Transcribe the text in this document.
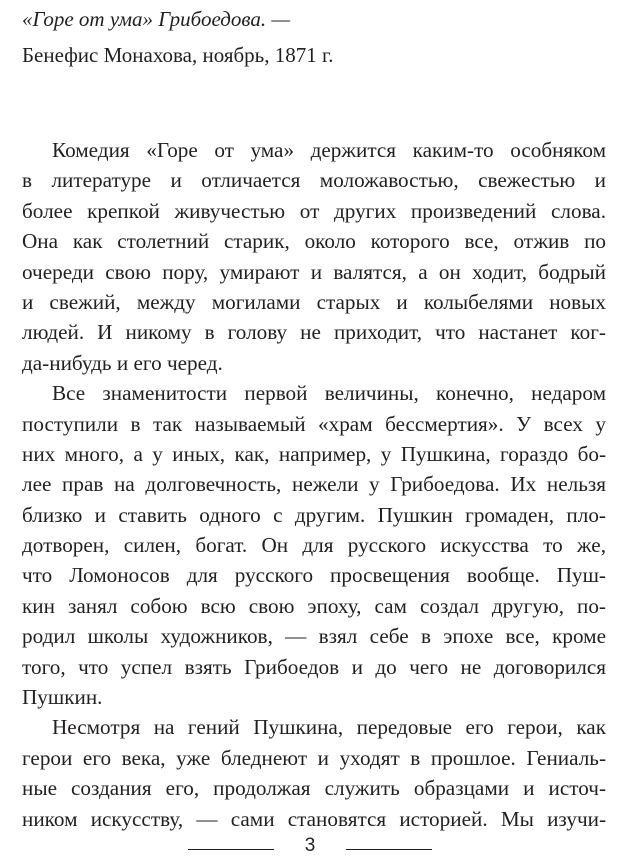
«Горе от ума» Грибоедова. —
Бенефис Монахова, ноябрь, 1871 г.
Комедия «Горе от ума» держится каким-то особняком
в литературе и отличается моложавостью, свежестью и
более крепкой живучестью от других произведений слова.
Она как столетний старик, около которого все, отжив по
очереди свою пору, умирают и валятся, а он ходит, бодрый
и свежий, между могилами старых и колыбелями новых
людей. И никому в голову не приходит, что настанет ког-
да-нибудь и его черед.
Все знаменитости первой величины, конечно, недаром
поступили в так называемый «храм бессмертия». У всех у
них много, а у иных, как, например, у Пушкина, гораздо бо-
лее прав на долговечность, нежели у Грибоедова. Их нельзя
близко и ставить одного с другим. Пушкин громаден, пло-
дотворен, силен, богат. Он для русского искусства то же,
что Ломоносов для русского просвещения вообще. Пуш-
кин занял собою всю свою эпоху, сам создал другую, по-
родил школы художников, — взял себе в эпохе все, кроме
того, что успел взять Грибоедов и до чего не договорился
Пушкин.
Несмотря на гений Пушкина, передовые его герои, как
герои его века, уже бледнеют и уходят в прошлое. Гениаль-
ные создания его, продолжая служить образцами и источ-
ником искусству, — сами становятся историей. Мы изучи-
3
